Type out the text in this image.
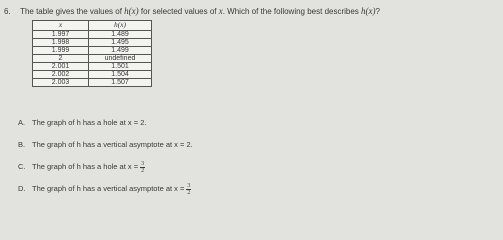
6. The table gives the values of h(x) for selected values of x. Which of the following best describes h(x)?
x	h(x)
1.997	1.489
1.998	1.495
1.999	1.499
2	undefined
2.001	1.501
2.002	1.504
2.003	1.507
A. The graph of h has a hole at x = 2.
B. The graph of h has a vertical asymptote at x = 2.
C. The graph of h has a hole at $x = \frac{3}{2}$
D. The graph of h has a vertical asymptote at $x = \frac{3}{2}$
